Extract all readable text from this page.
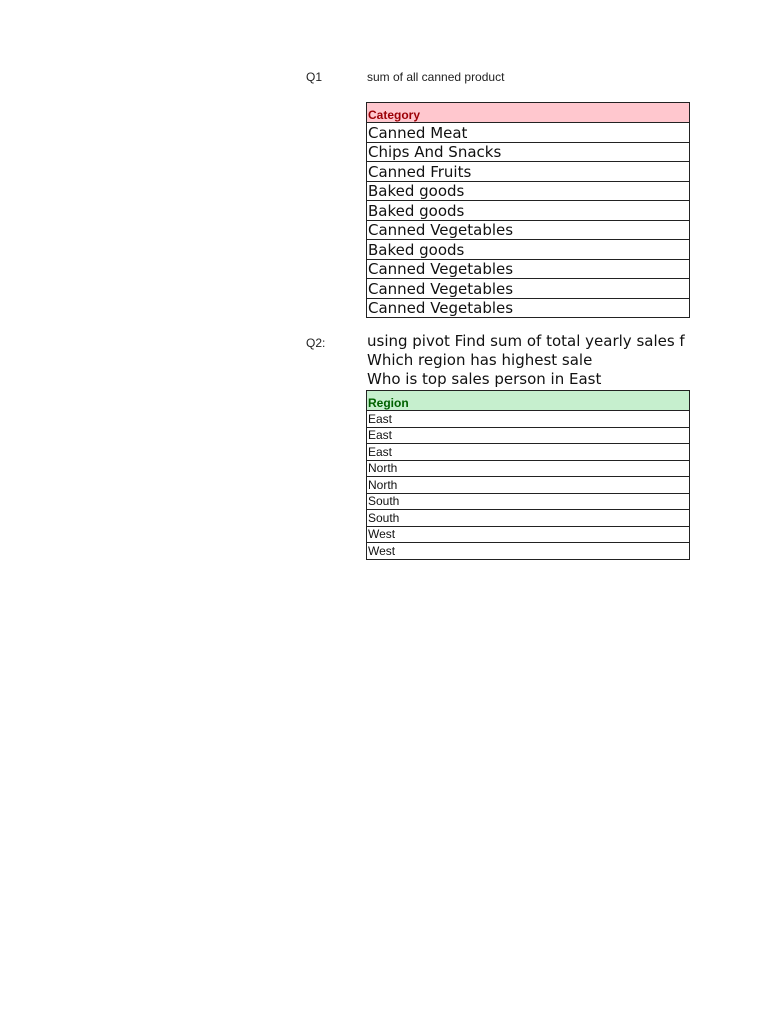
Q1	sum of all canned product
Category
Canned Meat
Chips And Snacks
Canned Fruits
Baked goods
Baked goods
Canned Vegetables
Baked goods
Canned Vegetables
Canned Vegetables
Canned Vegetables
Q2:	using pivot Find sum of total yearly sales f
Which region has highest sale
Who is top sales person in East
Region
East
East
East
North
North
South
South
West
West
